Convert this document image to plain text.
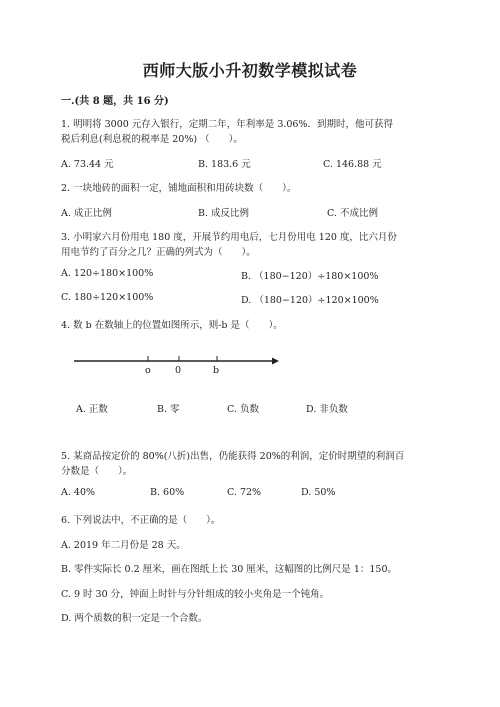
西师大版小升初数学模拟试卷
一.(共 8 题，共 16 分)
1. 明明将 3000 元存入银行，定期二年，年利率是 3.06%．到期时，他可获得
税后利息(利息税的税率是 20%) （　　）。
A. 73.44 元	B. 183.6 元	C. 146.88 元
2. 一块地砖的面积一定，铺地面积和用砖块数（　　）。
A. 成正比例	B. 成反比例	C. 不成比例
3. 小明家六月份用电 180 度，开展节约用电后，七月份用电 120 度，比六月份
用电节约了百分之几？正确的列式为（　　）。
A. 120÷180×100%	B. （180−120）÷180×100%
C. 180÷120×100%	D. （180−120）÷120×100%
4. 数 b 在数轴上的位置如图所示，则-b 是（　　）。
o	0	b
A. 正数	B. 零	C. 负数	D. 非负数
5. 某商品按定价的 80%(八折)出售，仍能获得 20%的利润，定价时期望的利润百
分数是（　　）。
A. 40%	B. 60%	C. 72%	D. 50%
6. 下列说法中，不正确的是（　　）。
A. 2019 年二月份是 28 天。
B. 零件实际长 0.2 厘米，画在图纸上长 30 厘米，这幅图的比例尺是 1：150。
C. 9 时 30 分，钟面上时针与分针组成的较小夹角是一个钝角。
D. 两个质数的积一定是一个合数。
